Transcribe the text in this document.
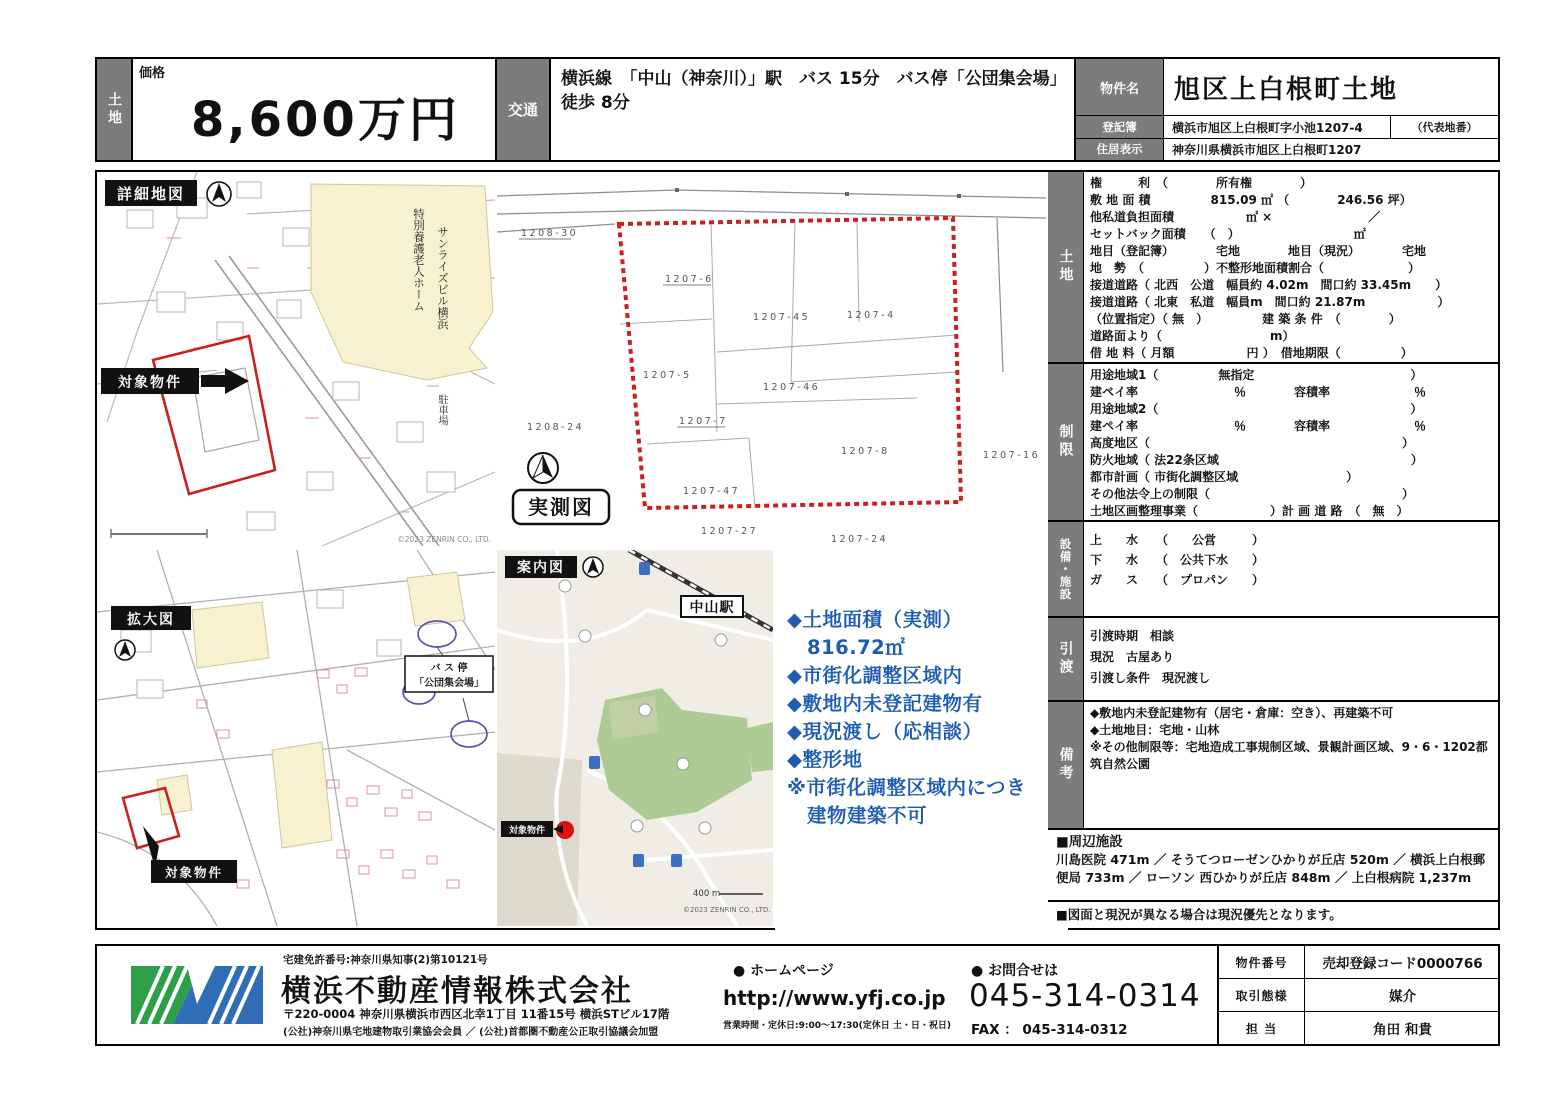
土地
価格
8,600万円	交通
横浜線　「中山（神奈川）」駅　バス 15分　バス停「公団集会場」　徒歩 8分
物件名	旭区上白根町土地
登記簿	横浜市旭区上白根町字小池1207-4	（代表地番）
住居表示	神奈川県横浜市旭区上白根町1207
特別養護老人ホーム サンライズビル横浜
駐車場
対象物件
詳細地図
©2023 ZENRIN CO., LTD.
1208-30
1207-6
1207-45	1207-4
1207-5
1207-46
1207-7
1208-24
1207-8	1207-16
1207-47
1207-27
1207-24
実測図
バ ス 停
「公団集会場」
対象物件
拡大図
中山駅
対象物件
案内図
400 m
©2023 ZENRIN CO., LTD.
◆土地面積（実測）
　816.72㎡
◆市街化調整区域内
◆敷地内未登記建物有
◆現況渡し（応相談）
◆整形地
※市街化調整区域内につき
　建物建築不可
土地
権　　　利　（　　　　所有権　　　　）
敷 地 面 積　　　　　815.09 ㎡ （　　　　246.56 坪）
他私道負担面積　　　　　　㎡ ×　　　　　　　　／
セットバック面積　　（　）　　　　　　　　　　㎡
地目（登記簿）　　　　宅地　　　　地目（現況）　　　　宅地
地　勢　（　　　　　）不整形地面積割合（　　　　　　　）
接道道路（ 北西　公道　幅員約 4.02m　間口約 33.45m　　）
接道道路（ 北東　私道　幅員m　間口約 21.87m　　　　　　）
（位置指定）（ 無　）　　　　　建 築 条 件　（　　　　）
道路面より（　　　　　　　　　m）
借 地 料（ 月額　　　　　　円 ）　借地期限（　　　　　）
制限
用途地域1（　　　　　無指定　　　　　　　　　　　　　）
建ペイ率　　　　　　　　％　　　　容積率　　　　　　　％
用途地域2（　　　　　　　　　　　　　　　　　　　　　）
建ペイ率　　　　　　　　％　　　　容積率　　　　　　　％
高度地区（　　　　　　　　　　　　　　　　　　　　　）
防火地域（ 法22条区域　　　　　　　　　　　　　　　　）
都市計画（ 市街化調整区域　　　　　　　　　）
その他法令上の制限（　　　　　　　　　　　　　　　　）
土地区画整理事業（　　　　　　）計 画 道 路　（　無　）
設備・施設 上　　水　　（　　公営　　　）
下　　水　　（　公共下水　　）
ガ　　ス　　（　プロパン　　）
引渡
引渡時期　相談
現況　古屋あり
引渡し条件　現況渡し
備考
◆敷地内未登記建物有（居宅・倉庫：空き）、再建築不可
◆土地地目：宅地・山林
※その他制限等：宅地造成工事規制区域、景観計画区域、9・6・1202都筑自然公園
■周辺施設
川島医院 471m ／ そうてつローゼンひかりが丘店 520m ／ 横浜上白根郵便局 733m ／ ローソン 西ひかりが丘店 848m ／ 上白根病院 1,237m
■図面と現況が異なる場合は現況優先となります。
宅建免許番号:神奈川県知事(2)第10121号
横浜不動産情報株式会社
〒220-0004 神奈川県横浜市西区北幸1丁目 11番15号 横浜STビル17階
(公社)神奈川県宅地建物取引業協会会員 ／ (公社)首都圏不動産公正取引協議会加盟
● ホームページ
http://www.yfj.co.jp
営業時間・定休日:9:00～17:30(定休日 土・日・祝日)
● お問合せは
045-314-0314
FAX ： 045-314-0312
物件番号	売却登録コード0000766
取引態様	媒介
担 当	角田 和貴
